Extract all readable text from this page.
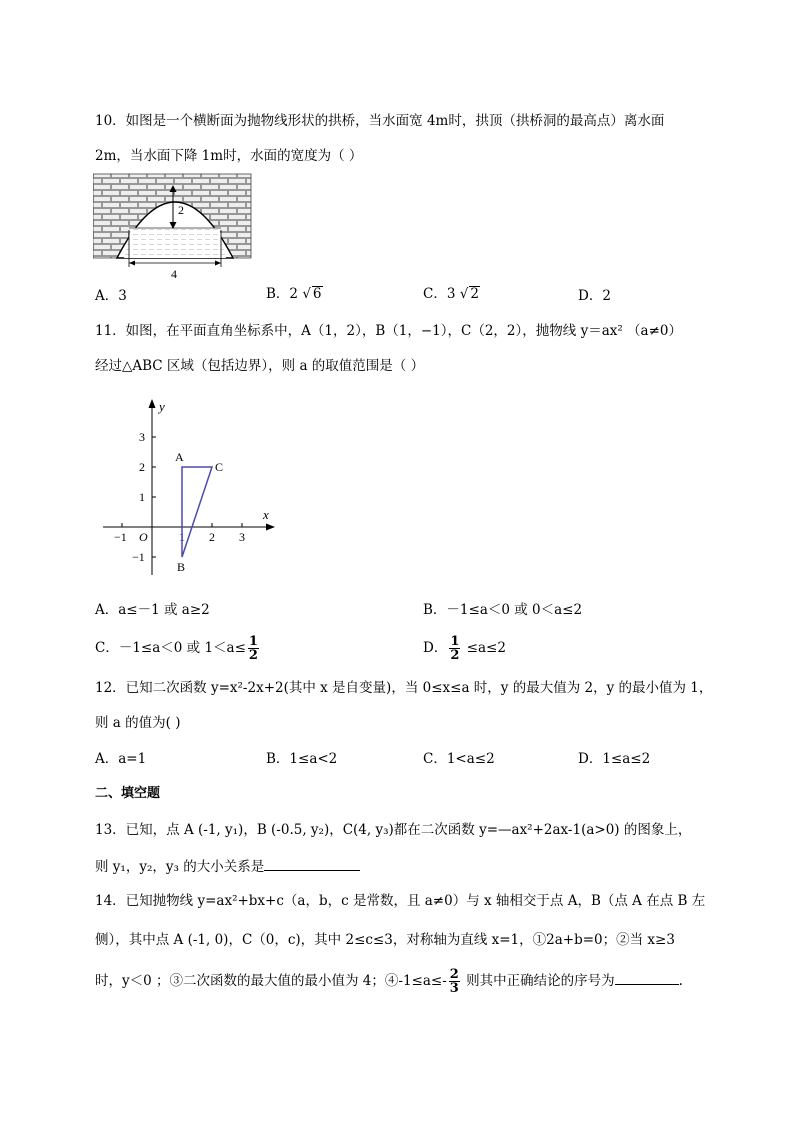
10．如图是一个横断面为抛物线形状的拱桥，当水面宽 4m时，拱顶（拱桥洞的最高点）离水面
2m，当水面下降 1m时，水面的宽度为（ ）
2
4
A．3	B．2 √ 6	C．3 √ 2	D．2
11．如图，在平面直角坐标系中，A（1，2），B（1，−1），C（2，2），抛物线 y＝ax² （a≠0）
经过△ABC 区域（包括边界），则 a 的取值范围是（ ）
x
y
O
−1	1 2 3
3
2
1
−1
A
B
C
A．a≤－1 或 a≥2	B．－1≤a＜0 或 0＜a≤2
C．－1≤a＜0 或 $1<a\le \frac{1}{2}$	D． $\frac{1}{2} \le a\le 2$
12．已知二次函数 y=x²-2x+2(其中 x 是自变量)，当 0≤x≤a 时，y 的最大值为 2，y 的最小值为 1，
则 a 的值为( )
A．a=1	B．1≤a<2	C．1<a≤2	D．1≤a≤2
二、填空题
13．已知，点 A (-1, y₁)，B (-0.5, y₂)，C(4, y₃)都在二次函数 y=—ax²+2ax-1(a>0) 的图象上，
则 y₁，y₂，y₃ 的大小关系是
14．已知抛物线 y=ax²+bx+c（a，b，c 是常数，且 a≠0）与 x 轴相交于点 A，B（点 A 在点 B 左
侧），其中点 A (-1, 0)，C（0，c)，其中 2≤c≤3，对称轴为直线 x=1，①2a+b=0；②当 x≥3
时，y＜0 ；③二次函数的最大值的最小值为 4；④-1≤a≤- $\frac{2}{3}$ 则其中正确结论的序号为	.
